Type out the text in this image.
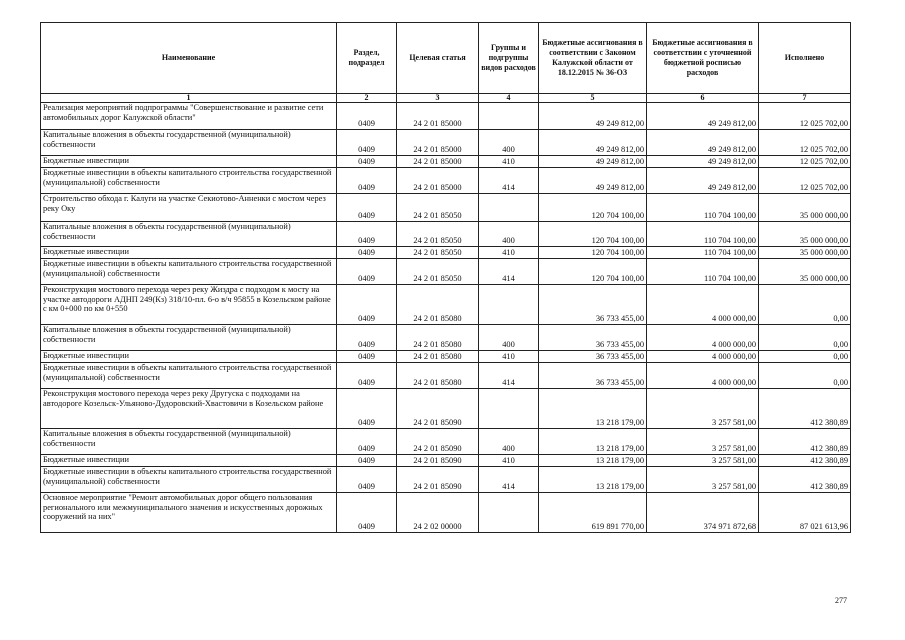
Наименование	Раздел, подраздел	Целевая статья	Группы и подгруппы видов расходов	Бюджетные ассигнования в соответствии с Законом Калужской области от 18.12.2015 № 36-ОЗ	Бюджетные ассигнования в соответствии с уточненной бюджетной росписью расходов	Исполнено
1	2	3	4	5	6	7
Реализация мероприятий подпрограммы "Совершенствование и развитие сети автомобильных дорог Калужской области"	0409	24 2 01 85000		49 249 812,00	49 249 812,00	12 025 702,00
Капитальные вложения в объекты государственной (муниципальной) собственности	0409	24 2 01 85000	400	49 249 812,00	49 249 812,00	12 025 702,00
Бюджетные инвестиции	0409	24 2 01 85000	410	49 249 812,00	49 249 812,00	12 025 702,00
Бюджетные инвестиции в объекты капитального строительства государственной (муниципальной) собственности	0409	24 2 01 85000	414	49 249 812,00	49 249 812,00	12 025 702,00
Строительство обхода г. Калуги на участке Секиотово-Анненки с мостом через реку Оку	0409	24 2 01 85050		120 704 100,00	110 704 100,00	35 000 000,00
Капитальные вложения в объекты государственной (муниципальной) собственности	0409	24 2 01 85050	400	120 704 100,00	110 704 100,00	35 000 000,00
Бюджетные инвестиции	0409	24 2 01 85050	410	120 704 100,00	110 704 100,00	35 000 000,00
Бюджетные инвестиции в объекты капитального строительства государственной (муниципальной) собственности	0409	24 2 01 85050	414	120 704 100,00	110 704 100,00	35 000 000,00
Реконструкция мостового перехода через реку Жиздра с подходом к мосту на участке автодороги АДНП 249(Кз) 318/10-пл. 6-о в/ч 95855 в Козельском районе с км 0+000 по км 0+550	0409	24 2 01 85080		36 733 455,00	4 000 000,00	0,00
Капитальные вложения в объекты государственной (муниципальной) собственности	0409	24 2 01 85080	400	36 733 455,00	4 000 000,00	0,00
Бюджетные инвестиции	0409	24 2 01 85080	410	36 733 455,00	4 000 000,00	0,00
Бюджетные инвестиции в объекты капитального строительства государственной (муниципальной) собственности	0409	24 2 01 85080	414	36 733 455,00	4 000 000,00	0,00
Реконструкция мостового перехода через реку Другуска с подходами на автодороге Козельск-Ульяново-Дудоровский-Хвастовичи в Козельском районе	0409	24 2 01 85090		13 218 179,00	3 257 581,00	412 380,89
Капитальные вложения в объекты государственной (муниципальной) собственности	0409	24 2 01 85090	400	13 218 179,00	3 257 581,00	412 380,89
Бюджетные инвестиции	0409	24 2 01 85090	410	13 218 179,00	3 257 581,00	412 380,89
Бюджетные инвестиции в объекты капитального строительства государственной (муниципальной) собственности	0409	24 2 01 85090	414	13 218 179,00	3 257 581,00	412 380,89
Основное мероприятие "Ремонт автомобильных дорог общего пользования регионального или межмуниципального значения и искусственных дорожных сооружений на них"	0409	24 2 02 00000		619 891 770,00	374 971 872,68	87 021 613,96
277
